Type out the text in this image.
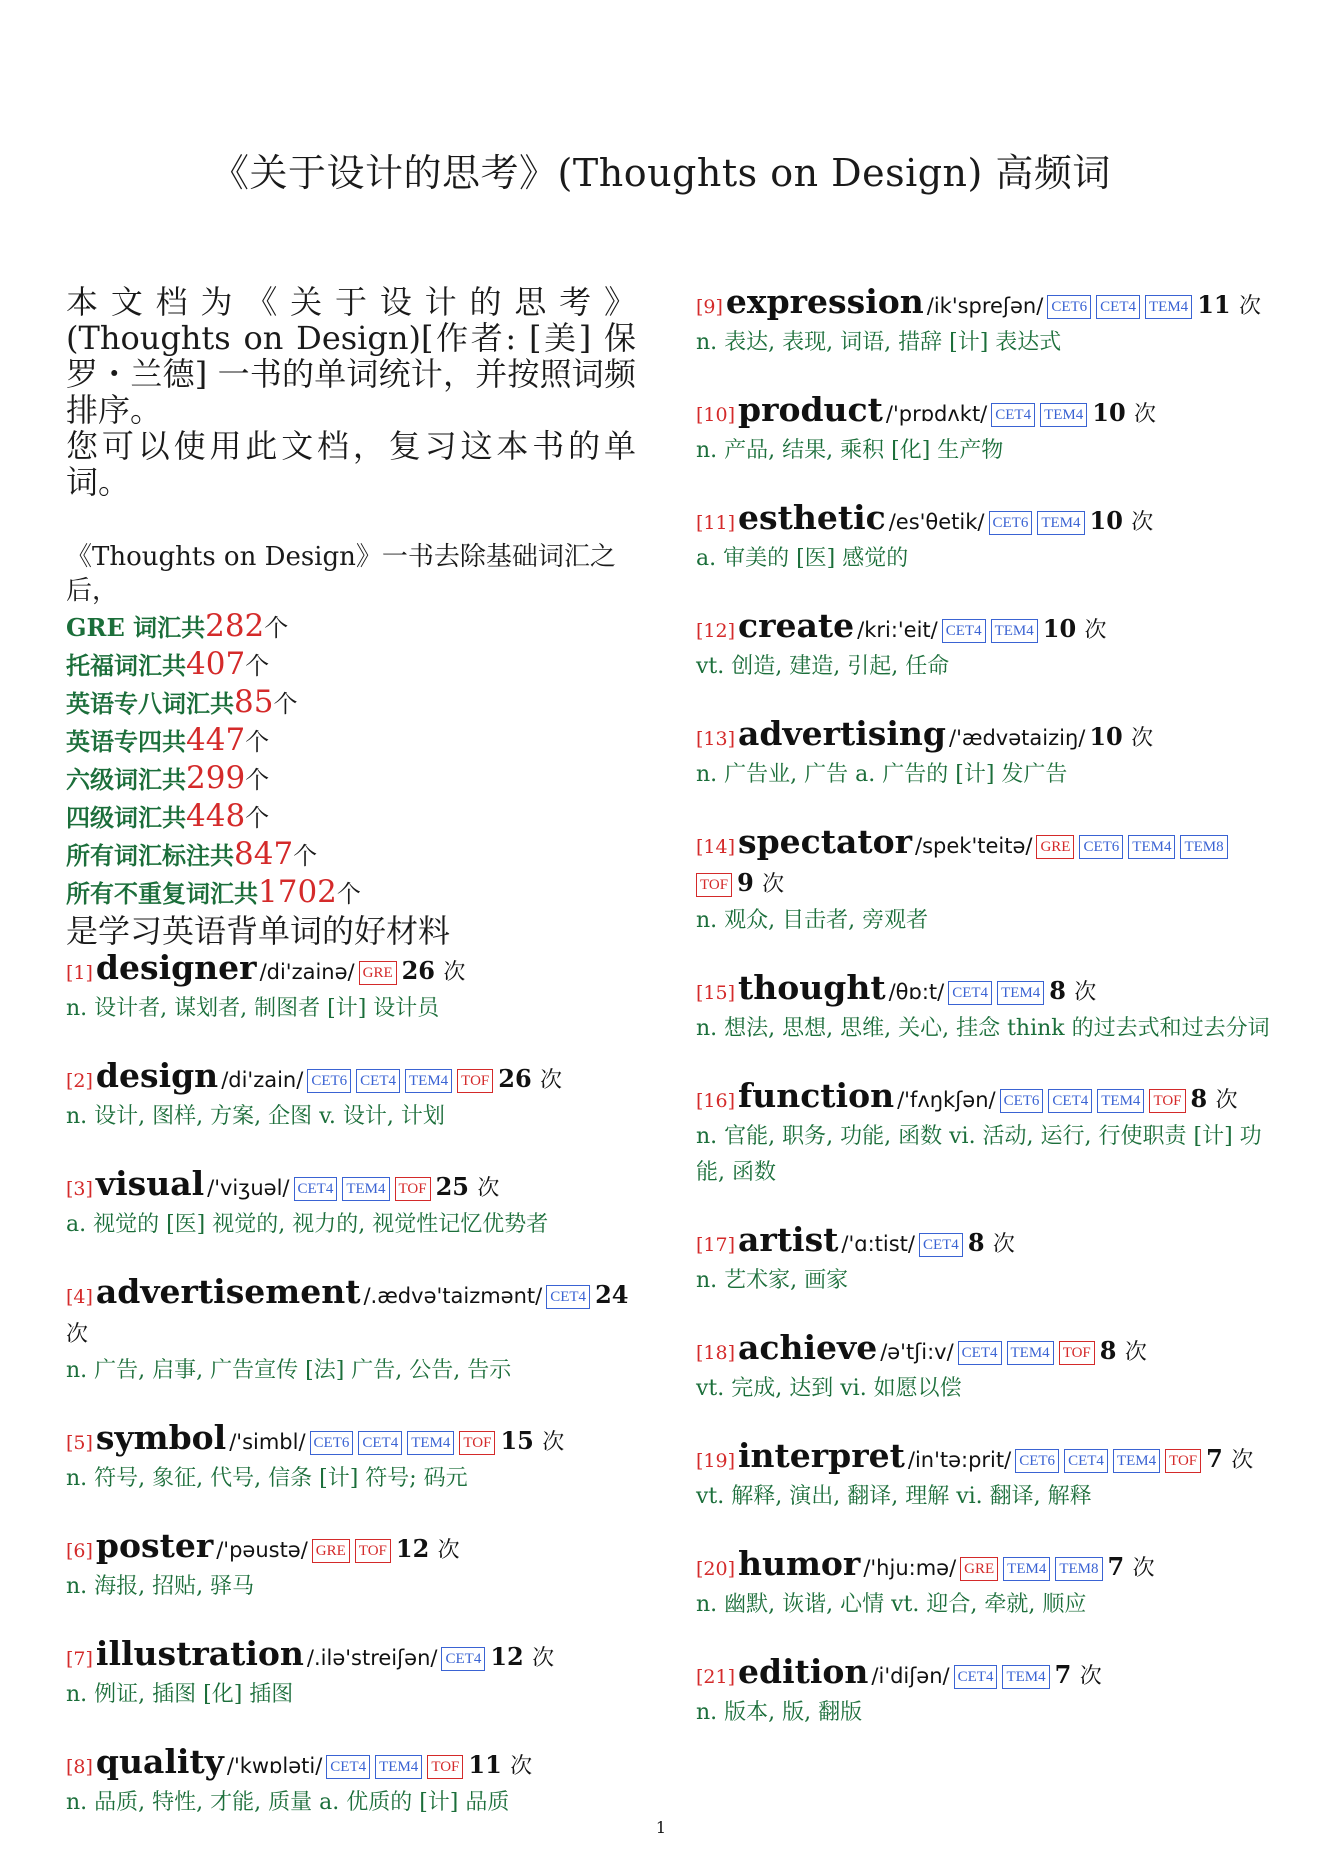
《关于设计的思考》(Thoughts on Design) 高频词

本文档为《关于设计的思考》(Thoughts on Design)[作者: [美] 保罗・兰德] 一书的单词统计，并按照词频排序。

您可以使用此文档，复习这本书的单词。

《Thoughts on Design》一书去除基础词汇之后，
GRE 词汇共282个
托福词汇共407个
英语专八词汇共85个
英语专四共447个
六级词汇共299个
四级词汇共448个
所有词汇标注共847个
所有不重复词汇共1702个
是学习英语背单词的好材料
[1]designer /di'zainə/ GRE 26 次
n. 设计者, 谋划者, 制图者 [计] 设计员
[2]design /di'zain/ CET6 CET4 TEM4 TOF 26 次
n. 设计, 图样, 方案, 企图 v. 设计, 计划
[3]visual /'viʒuəl/ CET4 TEM4 TOF 25 次
a. 视觉的 [医] 视觉的, 视力的, 视觉性记忆优势者
[4]advertisement /.ædvə'taizmənt/ CET4 24 次
n. 广告, 启事, 广告宣传 [法] 广告, 公告, 告示
[5]symbol /'simbl/ CET6 CET4 TEM4 TOF 15 次
n. 符号, 象征, 代号, 信条 [计] 符号; 码元
[6]poster /'pəustə/ GRE TOF 12 次
n. 海报, 招贴, 驿马
[7]illustration /.ilə'streiʃən/ CET4 12 次
n. 例证, 插图 [化] 插图
[8]quality /'kwɒləti/ CET4 TEM4 TOF 11 次
n. 品质, 特性, 才能, 质量 a. 优质的 [计] 品质
[9]expression /ik'spreʃən/ CET6 CET4 TEM4 11 次
n. 表达, 表现, 词语, 措辞 [计] 表达式
[10]product /'prɒdʌkt/ CET4 TEM4 10 次
n. 产品, 结果, 乘积 [化] 生产物
[11]esthetic /es'θetik/ CET6 TEM4 10 次
a. 审美的 [医] 感觉的
[12]create /kri:'eit/ CET4 TEM4 10 次
vt. 创造, 建造, 引起, 任命
[13]advertising /'ædvətaiziŋ/ 10 次
n. 广告业, 广告 a. 广告的 [计] 发广告
[14]spectator /spek'teitə/ GRE CET6 TEM4 TEM8TOF 9 次
n. 观众, 目击者, 旁观者
[15]thought /θɒ:t/ CET4 TEM4 8 次
n. 想法, 思想, 思维, 关心, 挂念 think 的过去式和过去分词
[16]function /'fʌŋkʃən/ CET6 CET4 TEM4 TOF 8 次
n. 官能, 职务, 功能, 函数 vi. 活动, 运行, 行使职责 [计] 功能, 函数
[17]artist /'ɑ:tist/ CET4 8 次
n. 艺术家, 画家
[18]achieve /ə'tʃi:v/ CET4 TEM4 TOF 8 次
vt. 完成, 达到 vi. 如愿以偿
[19]interpret /in'tə:prit/ CET6 CET4 TEM4 TOF 7 次
vt. 解释, 演出, 翻译, 理解 vi. 翻译, 解释
[20]humor /'hju:mə/ GRE TEM4 TEM8 7 次
n. 幽默, 诙谐, 心情 vt. 迎合, 牵就, 顺应
[21]edition /i'diʃən/ CET4 TEM4 7 次
n. 版本, 版, 翻版
1
